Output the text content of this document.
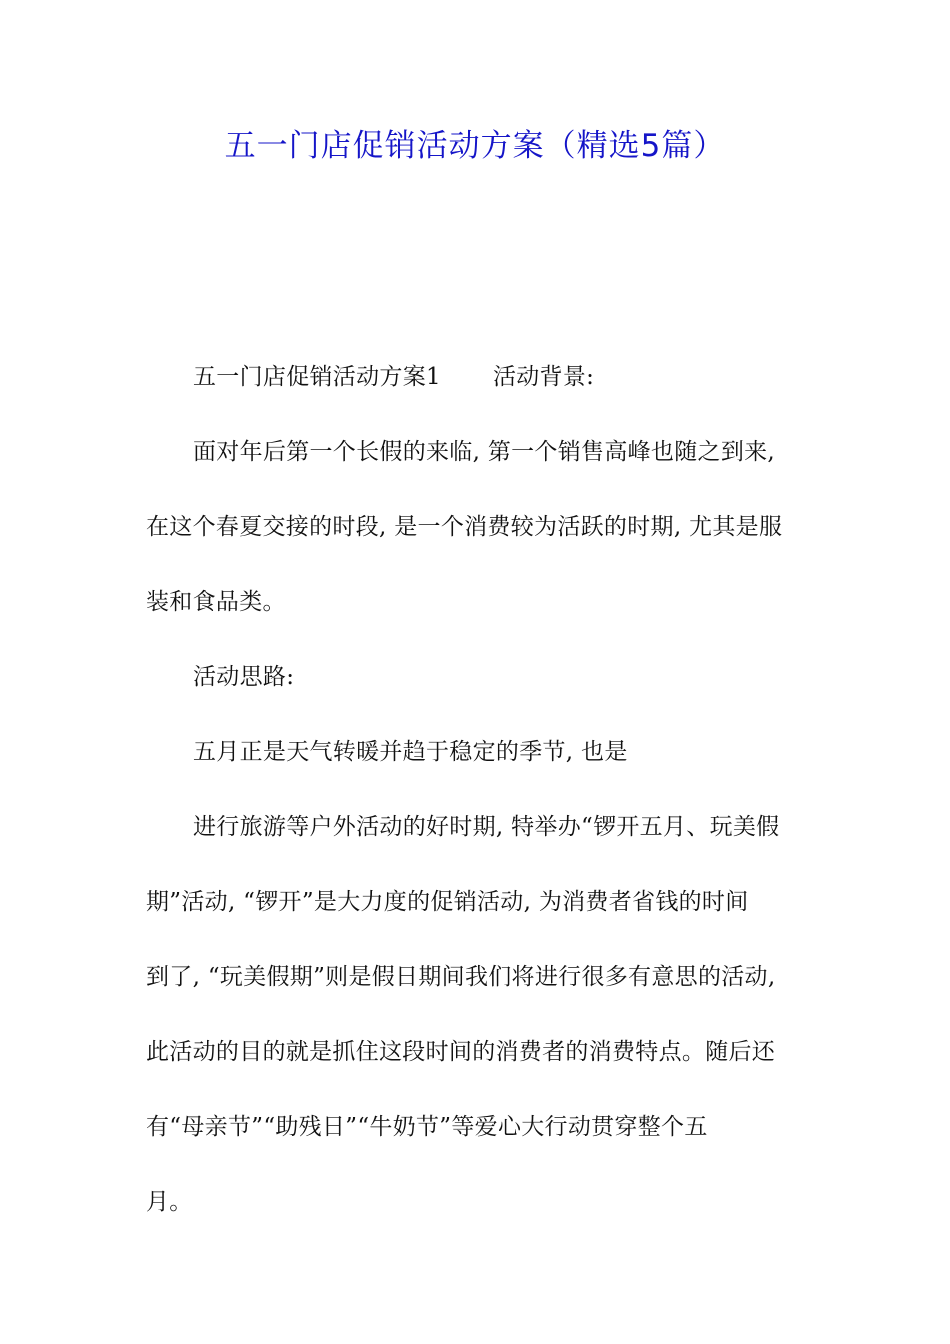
五一门店促销活动方案（精选5篇）

五一门店促销活动方案1 活动背景:

面对年后第一个长假的来临, 第一个销售高峰也随之到来,

在这个春夏交接的时段, 是一个消费较为活跃的时期, 尤其是服

装和食品类。

活动思路:

五月正是天气转暖并趋于稳定的季节, 也是

进行旅游等户外活动的好时期, 特举办“锣开五月、玩美假

期”活动, “锣开”是大力度的促销活动, 为消费者省钱的时间

到了, “玩美假期”则是假日期间我们将进行很多有意思的活动,

此活动的目的就是抓住这段时间的消费者的消费特点。随后还

有“母亲节”“助残日”“牛奶节”等爱心大行动贯穿整个五

月。
